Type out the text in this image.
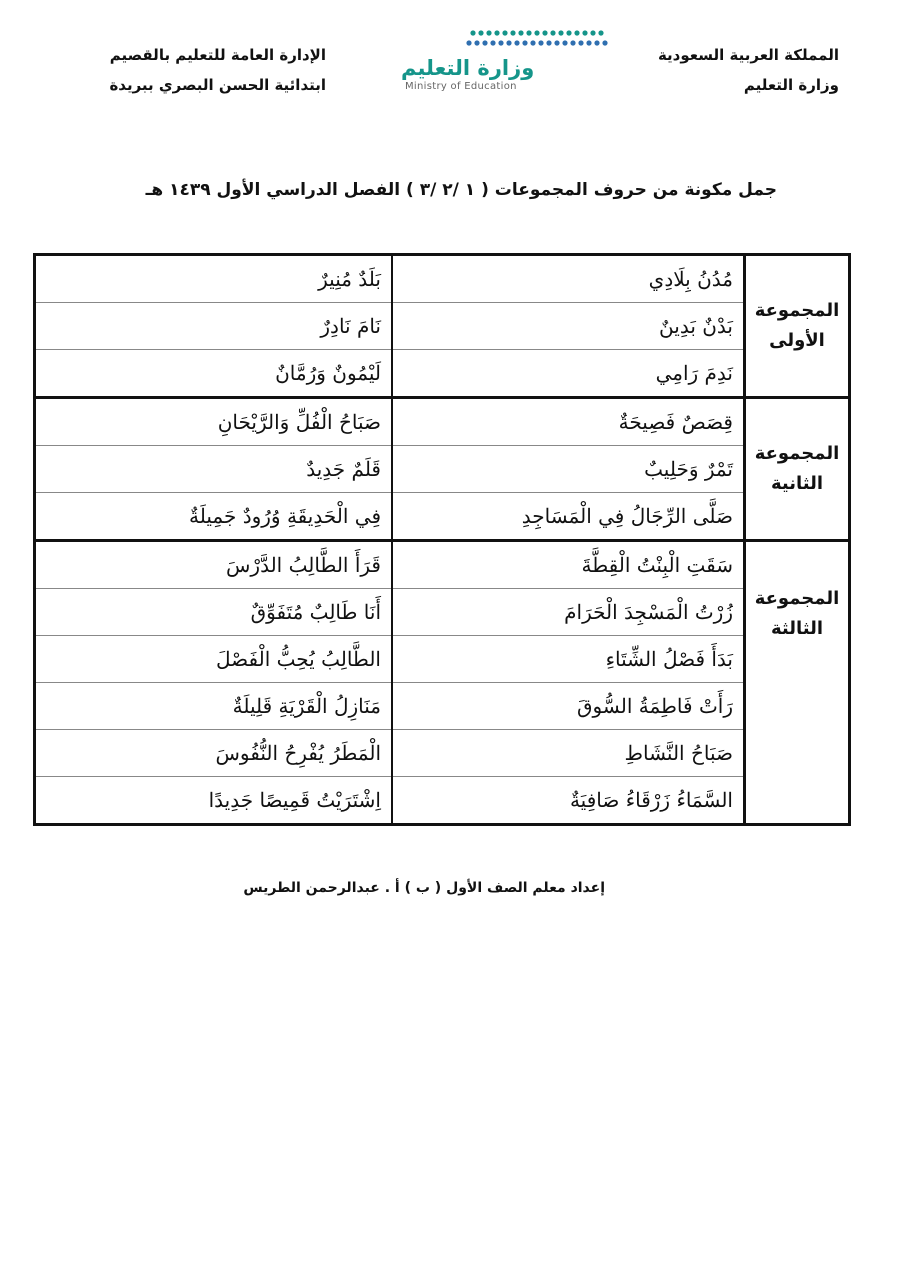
المملكة العربية السعودية
وزارة التعليم
وزارة التعليم
Ministry of Education
الإدارة العامة للتعليم بالقصيم
ابتدائية الحسن البصري ببريدة
جمل مكونة من حروف المجموعات ( ١ /٢ /٣ ) الفصل الدراسي الأول ١٤٣٩ هـ
المجموعة
الأولى	مُدُنُ بِلَادِي	بَلَدٌ مُنِيرٌ
	بَدْنٌ بَدِينٌ	نَامَ نَادِرٌ
	نَدِمَ رَامِي	لَيْمُونٌ وَرُمَّانٌ

المجموعة
الثانية	قِصَصٌ فَصِيحَةٌ	صَبَاحُ الْفُلِّ وَالرَّيْحَانِ
	تَمْرٌ وَحَلِيبٌ	قَلَمٌ جَدِيدٌ
	صَلَّى الرِّجَالُ فِي الْمَسَاجِدِ	فِي الْحَدِيقَةِ وُرُودٌ جَمِيلَةٌ

المجموعة
الثالثة	سَقَتِ الْبِنْتُ الْقِطَّةَ	قَرَأَ الطَّالِبُ الدَّرْسَ
	زُرْتُ الْمَسْجِدَ الْحَرَامَ	أَنَا طَالِبٌ مُتَفَوِّقٌ
	بَدَأَ فَصْلُ الشِّتَاءِ	الطَّالِبُ يُحِبُّ الْفَصْلَ
	رَأَتْ فَاطِمَةُ السُّوقَ	مَنَازِلُ الْقَرْيَةِ قَلِيلَةٌ
	صَبَاحُ النَّشَاطِ	الْمَطَرُ يُفْرِحُ النُّفُوسَ
	السَّمَاءُ زَرْقَاءُ صَافِيَةٌ	اِشْتَرَيْتُ قَمِيصًا جَدِيدًا
إعداد معلم الصف الأول ( ب ) أ . عبدالرحمن الطريس
